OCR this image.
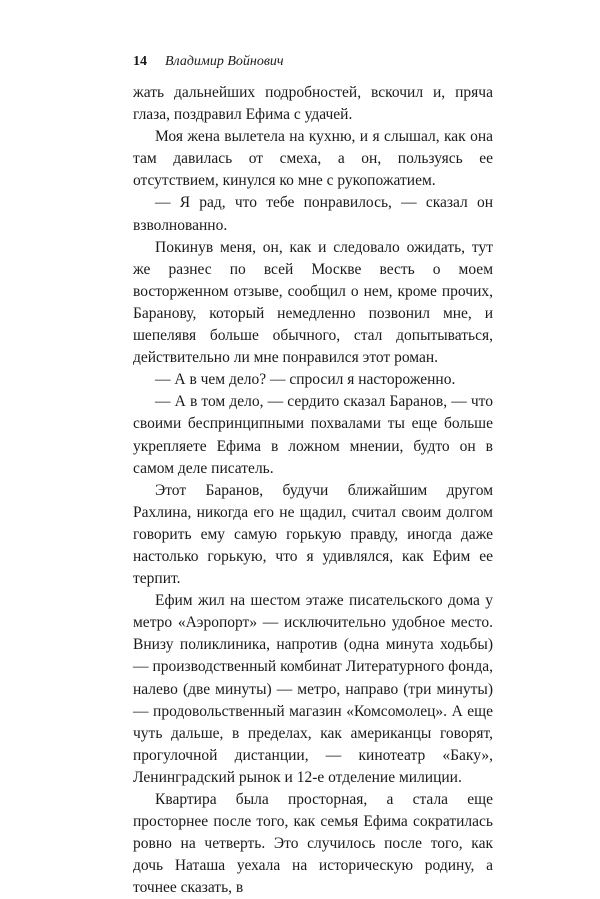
14 Владимир Войнович

жать дальнейших подробностей, вскочил и, пряча глаза, поздравил Ефима с удачей.

Моя жена вылетела на кухню, и я слышал, как она там давилась от смеха, а он, пользуясь ее отсутствием, кинулся ко мне с рукопожатием.

— Я рад, что тебе понравилось, — сказал он взволнованно.

Покинув меня, он, как и следовало ожидать, тут же разнес по всей Москве весть о моем восторженном отзыве, сообщил о нем, кроме прочих, Баранову, который немедленно позвонил мне, и шепелявя больше обычного, стал допытываться, действительно ли мне понравился этот роман.

— А в чем дело? — спросил я настороженно.

— А в том дело, — сердито сказал Баранов, — что своими беспринципными похвалами ты еще больше укрепляете Ефима в ложном мнении, будто он в самом деле писатель.

Этот Баранов, будучи ближайшим другом Рахлина, никогда его не щадил, считал своим долгом говорить ему самую горькую правду, иногда даже настолько горькую, что я удивлялся, как Ефим ее терпит.

Ефим жил на шестом этаже писательского дома у метро «Аэропорт» — исключительно удобное место. Внизу поликлиника, напротив (одна минута ходьбы) — производственный комбинат Литературного фонда, налево (две минуты) — метро, направо (три минуты) — продовольственный магазин «Комсомолец». А еще чуть дальше, в пределах, как американцы говорят, прогулочной дистанции, — кинотеатр «Баку», Ленинградский рынок и 12-е отделение милиции.

Квартира была просторная, а стала еще просторнее после того, как семья Ефима сократилась ровно на четверть. Это случилось после того, как дочь Наташа уехала на историческую родину, а точнее сказать, в
